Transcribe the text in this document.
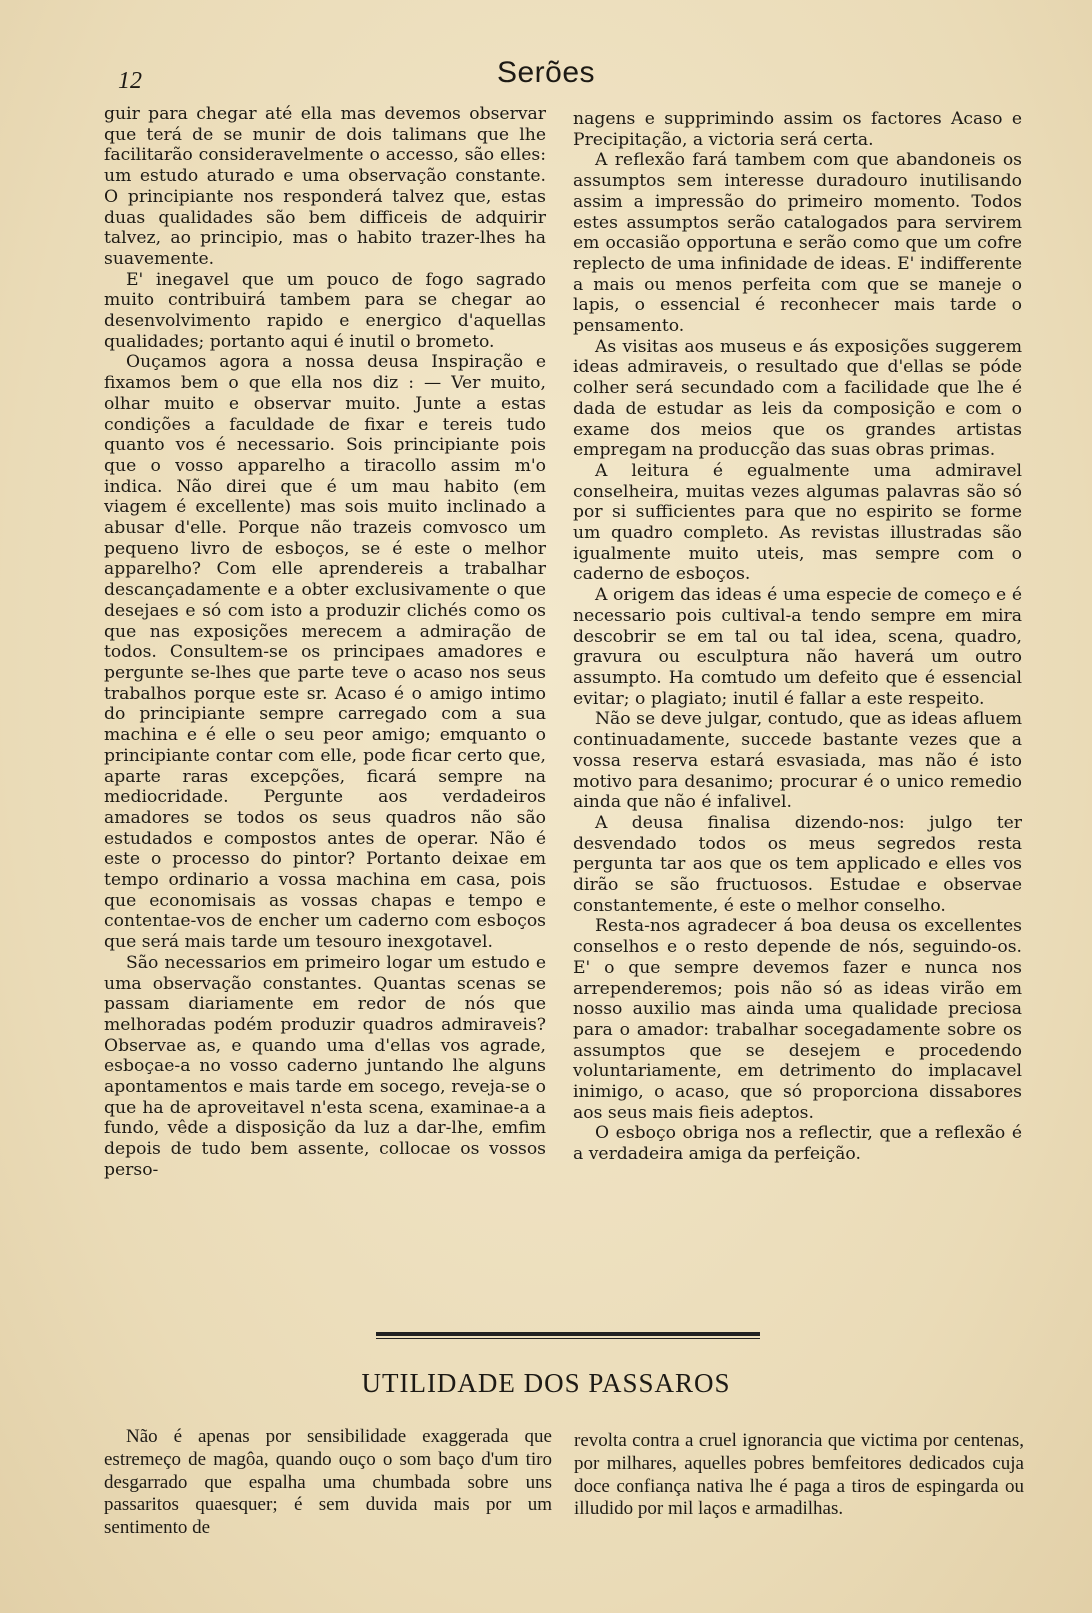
12	Serões

guir para chegar até ella mas devemos observar que terá de se munir de dois talimans que lhe facilitarão consideravelmente o accesso, são elles: um estudo aturado e uma observação constante. O principiante nos responderá talvez que, estas duas qualidades são bem difficeis de adquirir talvez, ao principio, mas o habito trazer-lhes ha suavemente.

E' inegavel que um pouco de fogo sagrado muito contribuirá tambem para se chegar ao desenvolvimento rapido e energico d'aquellas qualidades; portanto aqui é inutil o brometo.

Ouçamos agora a nossa deusa Inspiração e fixamos bem o que ella nos diz : — Ver muito, olhar muito e observar muito. Junte a estas condições a faculdade de fixar e tereis tudo quanto vos é necessario. Sois principiante pois que o vosso apparelho a tiracollo assim m'o indica. Não direi que é um mau habito (em viagem é excellente) mas sois muito inclinado a abusar d'elle. Porque não trazeis comvosco um pequeno livro de esboços, se é este o melhor apparelho? Com elle aprendereis a trabalhar descançadamente e a obter exclusivamente o que desejaes e só com isto a produzir clichés como os que nas exposições merecem a admiração de todos. Consultem-se os principaes amadores e pergunte se-lhes que parte teve o acaso nos seus trabalhos porque este sr. Acaso é o amigo intimo do principiante sempre carregado com a sua machina e é elle o seu peor amigo; emquanto o principiante contar com elle, pode ficar certo que, aparte raras excepções, ficará sempre na mediocridade. Pergunte aos verdadeiros amadores se todos os seus quadros não são estudados e compostos antes de operar. Não é este o processo do pintor? Portanto deixae em tempo ordinario a vossa machina em casa, pois que economisais as vossas chapas e tempo e contentae-vos de encher um caderno com esboços que será mais tarde um tesouro inexgotavel.

São necessarios em primeiro logar um estudo e uma observação constantes. Quantas scenas se passam diariamente em redor de nós que melhoradas podém produzir quadros admiraveis? Observae as, e quando uma d'ellas vos agrade, esboçae-a no vosso caderno juntando lhe alguns apontamentos e mais tarde em socego, reveja-se o que ha de aproveitavel n'esta scena, examinae-a a fundo, vêde a disposição da luz a dar-lhe, emfim depois de tudo bem assente, collocae os vossos perso-

nagens e supprimindo assim os factores Acaso e Precipitação, a victoria será certa.

A reflexão fará tambem com que abandoneis os assumptos sem interesse duradouro inutilisando assim a impressão do primeiro momento. Todos estes assumptos serão catalogados para servirem em occasião opportuna e serão como que um cofre replecto de uma infinidade de ideas. E' indifferente a mais ou menos perfeita com que se maneje o lapis, o essencial é reconhecer mais tarde o pensamento.

As visitas aos museus e ás exposições suggerem ideas admiraveis, o resultado que d'ellas se póde colher será secundado com a facilidade que lhe é dada de estudar as leis da composição e com o exame dos meios que os grandes artistas empregam na producção das suas obras primas.

A leitura é egualmente uma admiravel conselheira, muitas vezes algumas palavras são só por si sufficientes para que no espirito se forme um quadro completo. As revistas illustradas são igualmente muito uteis, mas sempre com o caderno de esboços.

A origem das ideas é uma especie de começo e é necessario pois cultival-a tendo sempre em mira descobrir se em tal ou tal idea, scena, quadro, gravura ou esculptura não haverá um outro assumpto. Ha comtudo um defeito que é essencial evitar; o plagiato; inutil é fallar a este respeito.

Não se deve julgar, contudo, que as ideas afluem continuadamente, succede bastante vezes que a vossa reserva estará esvasiada, mas não é isto motivo para desanimo; procurar é o unico remedio ainda que não é infalivel.

A deusa finalisa dizendo-nos: julgo ter desvendado todos os meus segredos resta pergunta tar aos que os tem applicado e elles vos dirão se são fructuosos. Estudae e observae constantemente, é este o melhor conselho.

Resta-nos agradecer á boa deusa os excellentes conselhos e o resto depende de nós, seguindo-os. E' o que sempre devemos fazer e nunca nos arrependeremos; pois não só as ideas virão em nosso auxilio mas ainda uma qualidade preciosa para o amador: trabalhar socegadamente sobre os assumptos que se desejem e procedendo voluntariamente, em detrimento do implacavel inimigo, o acaso, que só proporciona dissabores aos seus mais fieis adeptos.

O esboço obriga nos a reflectir, que a reflexão é a verdadeira amiga da perfeição.

UTILIDADE DOS PASSAROS

Não é apenas por sensibilidade exaggerada que estremeço de magôa, quando ouço o som baço d'um tiro desgarrado que espalha uma chumbada sobre uns passaritos quaesquer; é sem duvida mais por um sentimento de

revolta contra a cruel ignorancia que victima por centenas, por milhares, aquelles pobres bemfeitores dedicados cuja doce confiança nativa lhe é paga a tiros de espingarda ou illudido por mil laços e armadilhas.
